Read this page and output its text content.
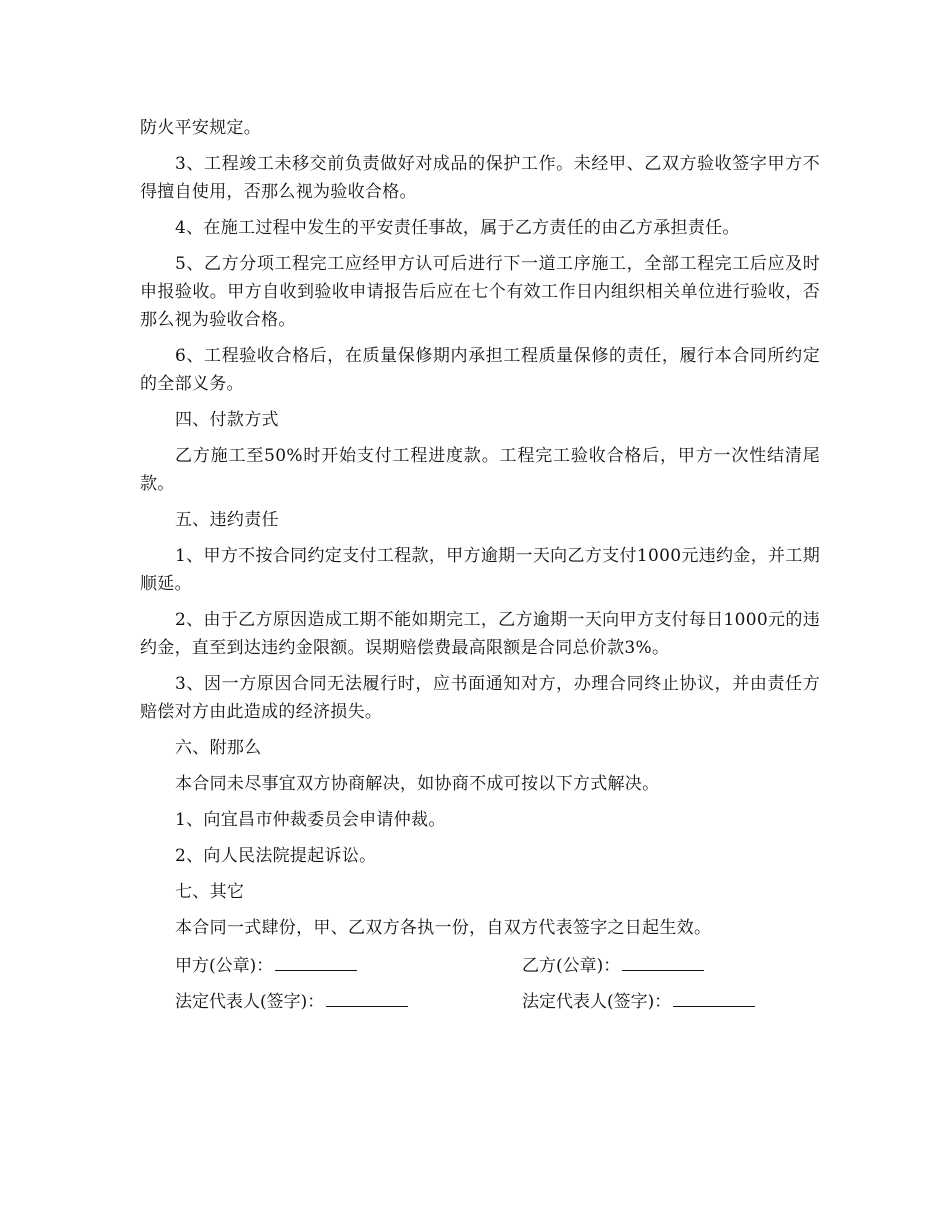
防火平安规定。

3、工程竣工未移交前负责做好对成品的保护工作。未经甲、乙双方验收签字甲方不得擅自使用，否那么视为验收合格。

4、在施工过程中发生的平安责任事故，属于乙方责任的由乙方承担责任。

5、乙方分项工程完工应经甲方认可后进行下一道工序施工，全部工程完工后应及时申报验收。甲方自收到验收申请报告后应在七个有效工作日内组织相关单位进行验收，否那么视为验收合格。

6、工程验收合格后，在质量保修期内承担工程质量保修的责任，履行本合同所约定的全部义务。

四、付款方式

乙方施工至50%时开始支付工程进度款。工程完工验收合格后，甲方一次性结清尾款。

五、违约责任

1、甲方不按合同约定支付工程款，甲方逾期一天向乙方支付1000元违约金，并工期顺延。

2、由于乙方原因造成工期不能如期完工，乙方逾期一天向甲方支付每日1000元的违约金，直至到达违约金限额。误期赔偿费最高限额是合同总价款3%。

3、因一方原因合同无法履行时，应书面通知对方，办理合同终止协议，并由责任方赔偿对方由此造成的经济损失。

六、附那么

本合同未尽事宜双方协商解决，如协商不成可按以下方式解决。

1、向宜昌市仲裁委员会申请仲裁。

2、向人民法院提起诉讼。

七、其它

本合同一式肆份，甲、乙双方各执一份，自双方代表签字之日起生效。

甲方(公章)：	乙方(公章)：
法定代表人(签字)：	法定代表人(签字)：
